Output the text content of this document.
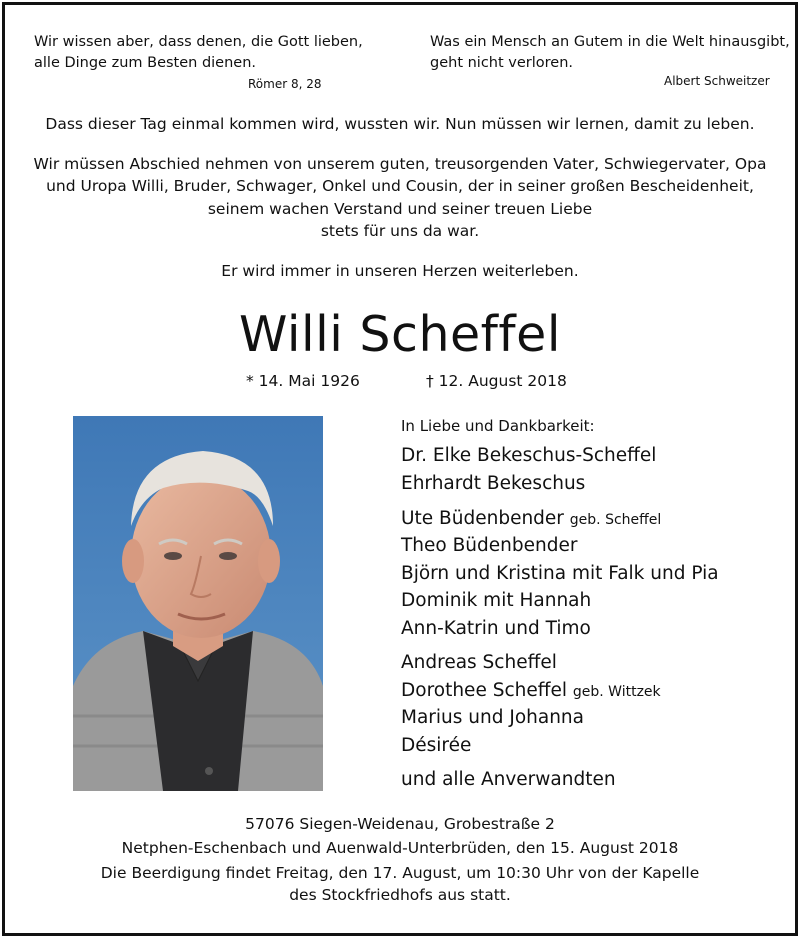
Wir wissen aber, dass denen, die Gott lieben,
alle Dinge zum Besten dienen.
Römer 8, 28
Was ein Mensch an Gutem in die Welt hinausgibt,
geht nicht verloren.
Albert Schweitzer
Dass dieser Tag einmal kommen wird, wussten wir. Nun müssen wir lernen, damit zu leben.
Wir müssen Abschied nehmen von unserem guten, treusorgenden Vater, Schwiegervater, Opa
und Uropa Willi, Bruder, Schwager, Onkel und Cousin, der in seiner großen Bescheidenheit,
seinem wachen Verstand und seiner treuen Liebe
stets für uns da war.
Er wird immer in unseren Herzen weiterleben.
Willi Scheffel
* 14. Mai 1926	† 12. August 2018
In Liebe und Dankbarkeit:
Dr. Elke Bekeschus-Scheffel
Ehrhardt Bekeschus
Ute Büdenbender geb. Scheffel
Theo Büdenbender
Björn und Kristina mit Falk und Pia
Dominik mit Hannah
Ann-Katrin und Timo
Andreas Scheffel
Dorothee Scheffel geb. Wittzek
Marius und Johanna
Désirée
und alle Anverwandten
57076 Siegen-Weidenau, Grobestraße 2
Netphen-Eschenbach und Auenwald-Unterbrüden, den 15. August 2018
Die Beerdigung findet Freitag, den 17. August, um 10:30 Uhr von der Kapelle
des Stockfriedhofs aus statt.
